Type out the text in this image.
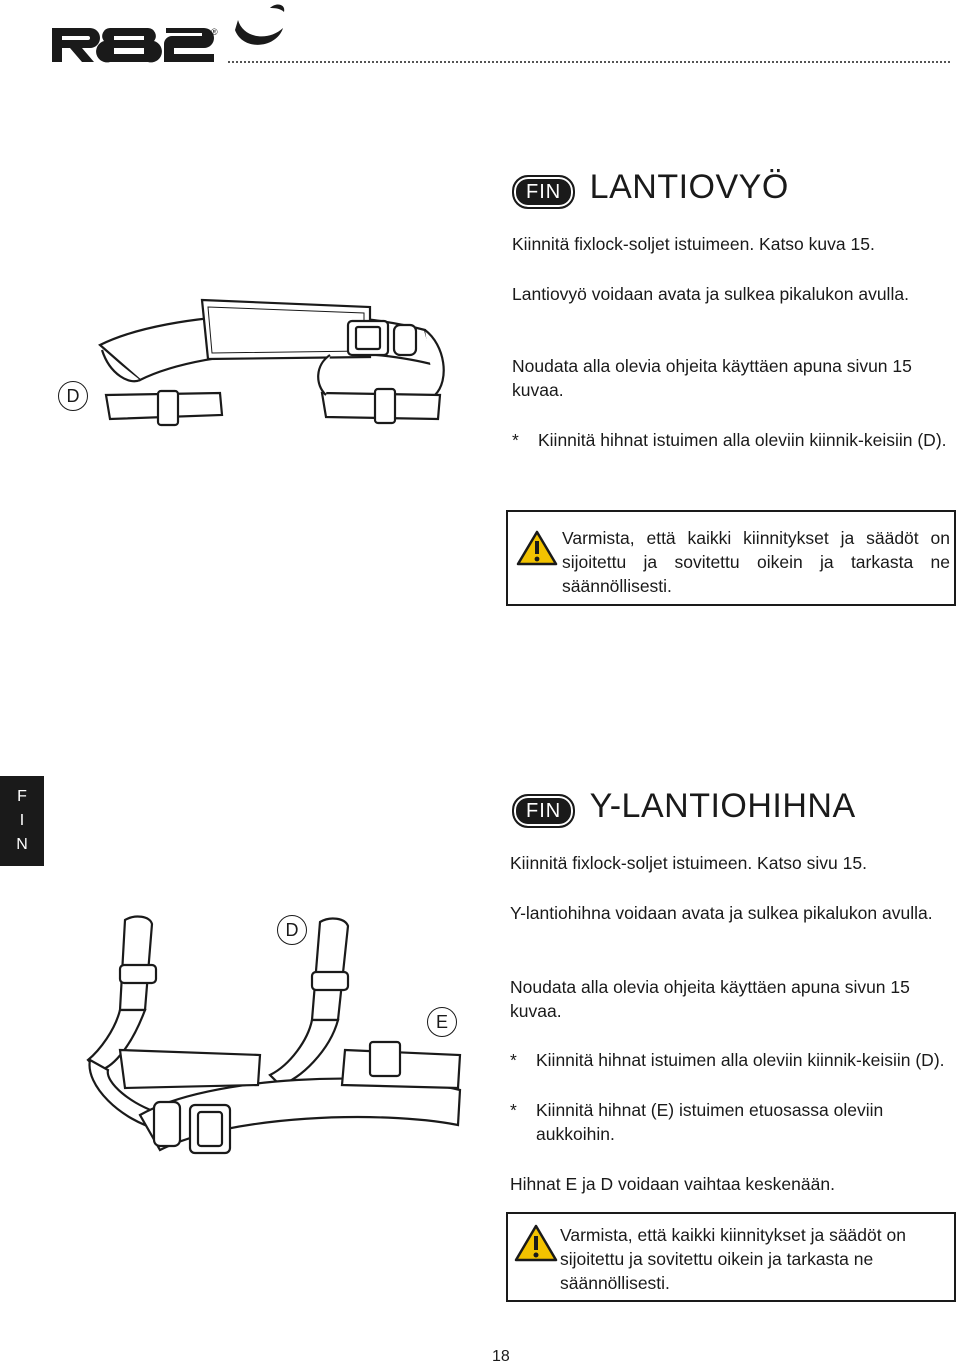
®
D
FIN LANTIOVYÖ
Kiinnitä fixlock-soljet istuimeen. Katso kuva 15.
Lantiovyö voidaan avata ja sulkea pikalukon avulla.
Noudata alla olevia ohjeita käyttäen apuna sivun 15 kuvaa.
*	Kiinnitä hihnat istuimen alla oleviin kiinnik-keisiin (D).
Varmista, että kaikki kiinnitykset ja säädöt on sijoitettu ja sovitettu oikein ja tarkasta ne säännöllisesti.
F
I
N
D
E
FIN Y-LANTIOHIHNA
Kiinnitä fixlock-soljet istuimeen. Katso sivu 15.
Y-lantiohihna voidaan avata ja sulkea pikalukon avulla.
Noudata alla olevia ohjeita käyttäen apuna sivun 15 kuvaa.
*	Kiinnitä hihnat istuimen alla oleviin kiinnik-keisiin (D).
*	Kiinnitä hihnat (E) istuimen etuosassa oleviin aukkoihin.
Hihnat E ja D voidaan vaihtaa keskenään.
Varmista, että kaikki kiinnitykset ja säädöt on sijoitettu ja sovitettu oikein ja tarkasta ne säännöllisesti.
18
